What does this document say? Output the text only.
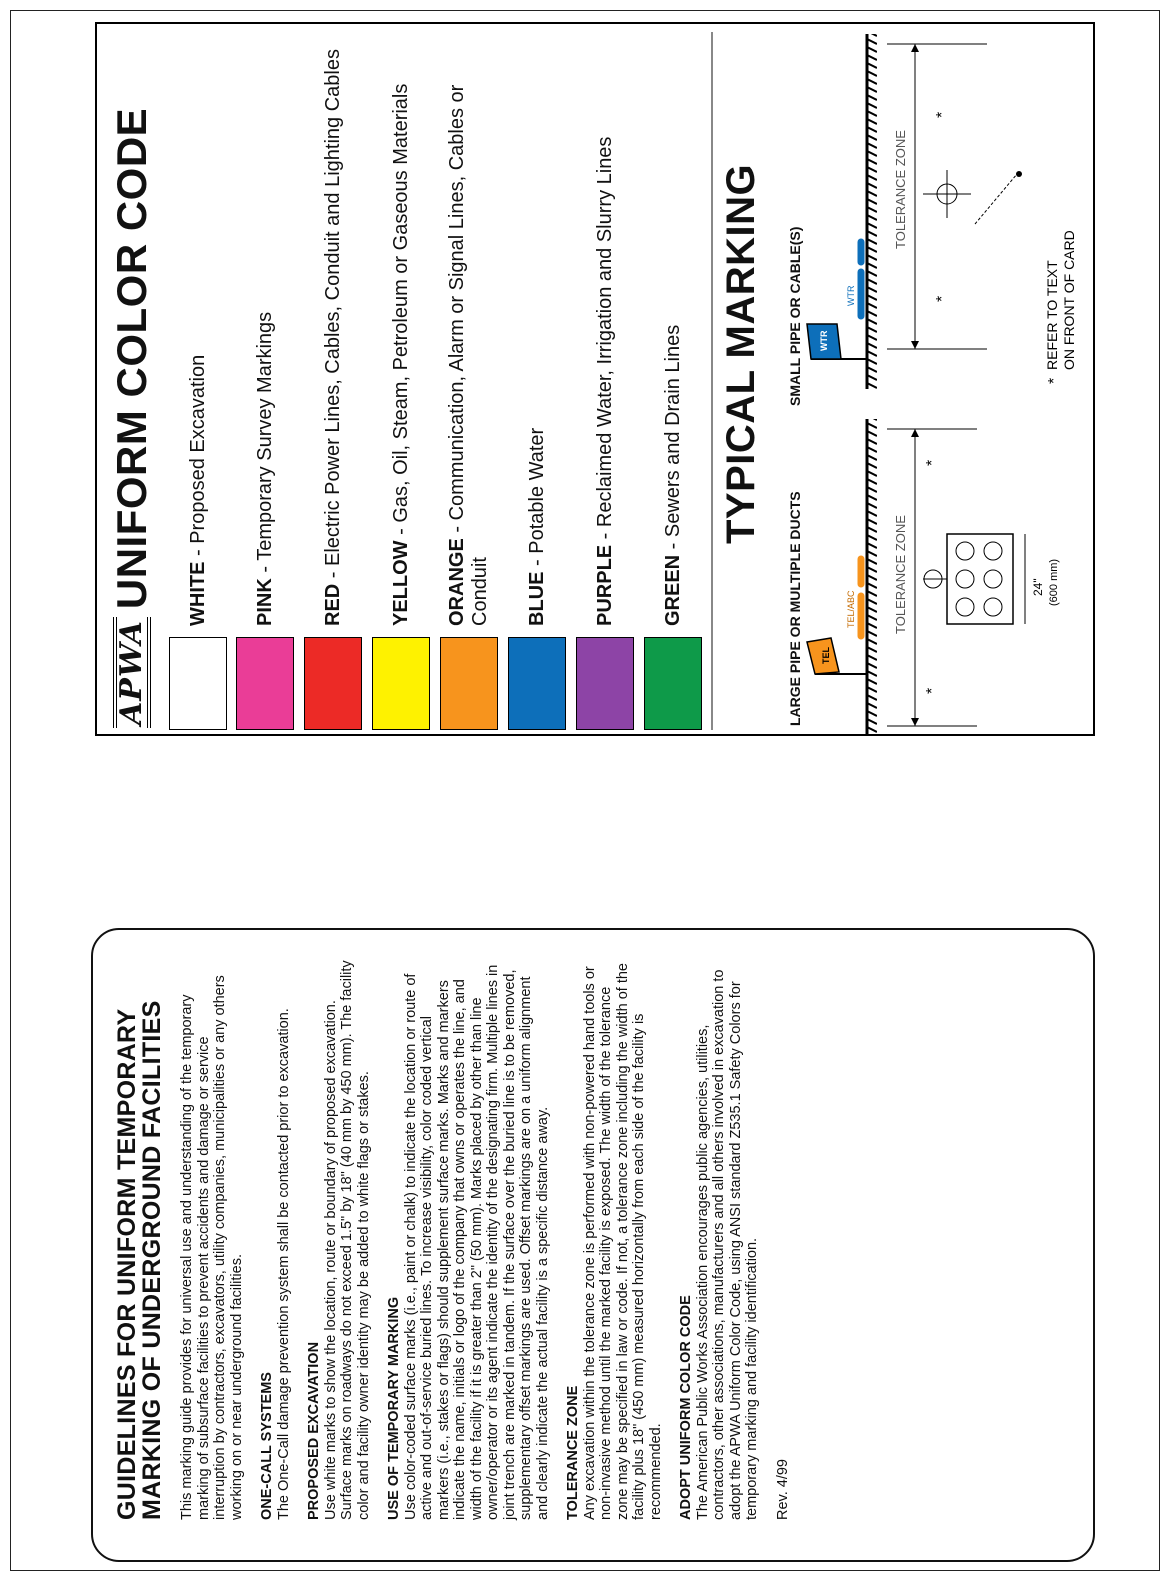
APWA
UNIFORM COLOR CODE WHITE - Proposed Excavation
PINK - Temporary Survey Markings
RED - Electric Power Lines, Cables, Conduit and Lighting Cables YELLOW - Gas, Oil, Steam, Petroleum or Gaseous Materials
ORANGE - Communication, Alarm or Signal Lines, Cables or Conduit BLUE - Potable Water
PURPLE - Reclaimed Water, Irrigation and Slurry Lines
GREEN - Sewers and Drain Lines TYPICAL MARKING
LARGE PIPE OR MULTIPLE DUCTS
SMALL PIPE OR CABLE(S)
TEL
TEL/ABC	TOLERANCE ZONE
*
*
24" (600 mm)
WTR
WTR
TOLERANCE ZONE
*
*
*
REFER TO TEXT ON FRONT OF CARD
GUIDELINES FOR UNIFORM TEMPORARY
MARKING OF UNDERGROUND FACILITIES This marking guide provides for universal use and understanding of the temporary marking of subsurface facilities to prevent accidents and damage or service interruption by contractors, excavators, utility companies, municipalities or any others working on or near underground facilities. ONE-CALL SYSTEMS The One-Call damage prevention system shall be contacted prior to excavation. PROPOSED EXCAVATION Use white marks to show the location, route or boundary of proposed excavation. Surface marks on roadways do not exceed 1.5" by 18" (40 mm by 450 mm). The facility color and facility owner identity may be added to white flags or stakes. USE OF TEMPORARY MARKING Use color-coded surface marks (i.e., paint or chalk) to indicate the location or route of active and out-of-service buried lines. To increase visibility, color coded vertical markers (i.e., stakes or flags) should supplement surface marks. Marks and markers indicate the name, initials or logo of the company that owns or operates the line, and width of the facility if it is greater than 2" (50 mm). Marks placed by other than line owner/operator or its agent indicate the identity of the designating firm. Multiple lines in joint trench are marked in tandem. If the surface over the buried line is to be removed, supplementary offset markings are used. Offset markings are on a uniform alignment and clearly indicate the actual facility is a specific distance away. TOLERANCE ZONE Any excavation within the tolerance zone is performed with non-powered hand tools or non-invasive method until the marked facility is exposed. The width of the tolerance zone may be specified in law or code. If not, a tolerance zone including the width of the facility plus 18" (450 mm) measured horizontally from each side of the facility is recommended. ADOPT UNIFORM COLOR CODE The American Public Works Association encourages public agencies, utilities, contractors, other associations, manufacturers and all others involved in excavation to adopt the APWA Uniform Color Code, using ANSI standard Z535.1 Safety Colors for temporary marking and facility identification. Rev. 4/99
